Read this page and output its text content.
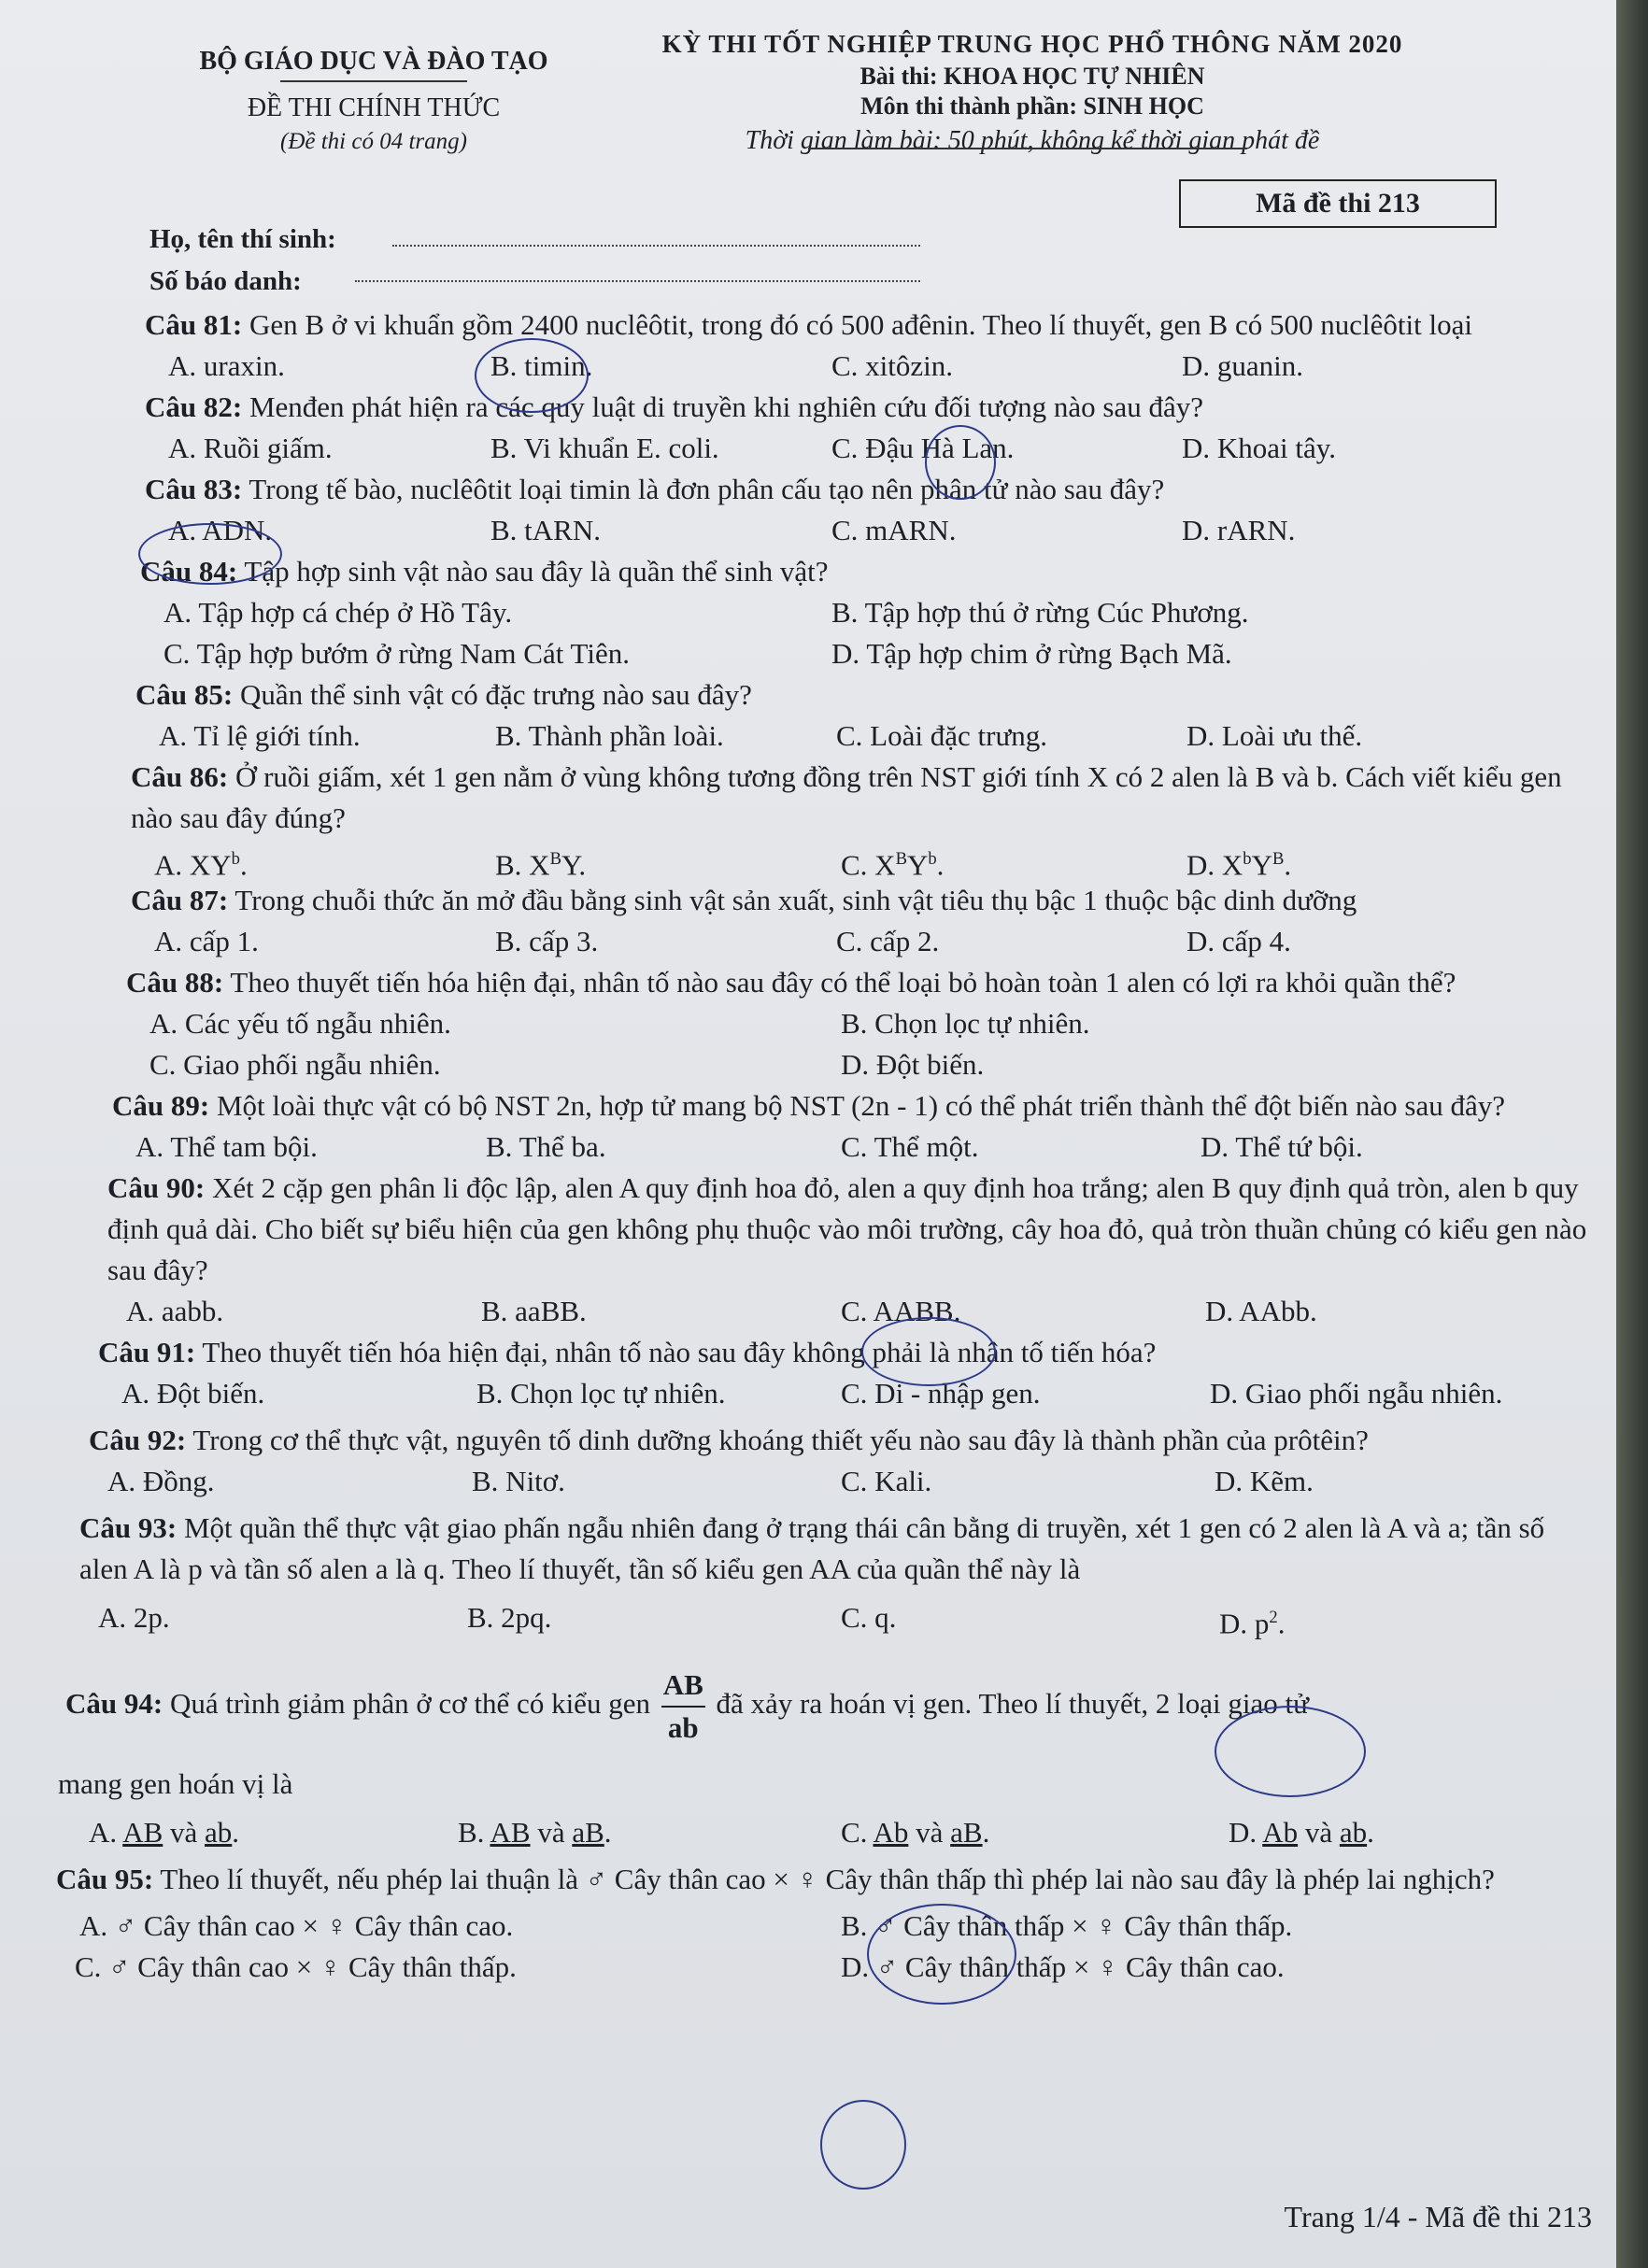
BỘ GIÁO DỤC VÀ ĐÀO TẠO
ĐỀ THI CHÍNH THỨC
(Đề thi có 04 trang)
KỲ THI TỐT NGHIỆP TRUNG HỌC PHỔ THÔNG NĂM 2020
Bài thi: KHOA HỌC TỰ NHIÊN
Môn thi thành phần: SINH HỌC
Thời gian làm bài: 50 phút, không kể thời gian phát đề
Mã đề thi 213
Họ, tên thí sinh:
Số báo danh:
Câu 81: Gen B ở vi khuẩn gồm 2400 nuclêôtit, trong đó có 500 ađênin. Theo lí thuyết, gen B có 500 nuclêôtit loại
A. uraxin.	B. timin.	C. xitôzin.	D. guanin.
Câu 82: Menđen phát hiện ra các quy luật di truyền khi nghiên cứu đối tượng nào sau đây?
A. Ruồi giấm.	B. Vi khuẩn E. coli.	C. Đậu Hà Lan.	D. Khoai tây.
Câu 83: Trong tế bào, nuclêôtit loại timin là đơn phân cấu tạo nên phân tử nào sau đây?
A. ADN.	B. tARN.	C. mARN.	D. rARN.
Câu 84: Tập hợp sinh vật nào sau đây là quần thể sinh vật?
A. Tập hợp cá chép ở Hồ Tây.	B. Tập hợp thú ở rừng Cúc Phương.
C. Tập hợp bướm ở rừng Nam Cát Tiên.	D. Tập hợp chim ở rừng Bạch Mã.
Câu 85: Quần thể sinh vật có đặc trưng nào sau đây?
A. Tỉ lệ giới tính.	B. Thành phần loài.	C. Loài đặc trưng.	D. Loài ưu thế.
Câu 86: Ở ruồi giấm, xét 1 gen nằm ở vùng không tương đồng trên NST giới tính X có 2 alen là B và b. Cách viết kiểu gen nào sau đây đúng?
A. $XY^b$.	B. $X^BY$.	C. $X^BY^b$.	D. $X^bY^B$.
Câu 87: Trong chuỗi thức ăn mở đầu bằng sinh vật sản xuất, sinh vật tiêu thụ bậc 1 thuộc bậc dinh dưỡng
A. cấp 1.	B. cấp 3.	C. cấp 2.	D. cấp 4.
Câu 88: Theo thuyết tiến hóa hiện đại, nhân tố nào sau đây có thể loại bỏ hoàn toàn 1 alen có lợi ra khỏi quần thể?
A. Các yếu tố ngẫu nhiên.	B. Chọn lọc tự nhiên.
C. Giao phối ngẫu nhiên.	D. Đột biến.
Câu 89: Một loài thực vật có bộ NST 2n, hợp tử mang bộ NST (2n - 1) có thể phát triển thành thể đột biến nào sau đây?
A. Thể tam bội.	B. Thể ba.	C. Thể một.	D. Thể tứ bội.
Câu 90: Xét 2 cặp gen phân li độc lập, alen A quy định hoa đỏ, alen a quy định hoa trắng; alen B quy định quả tròn, alen b quy định quả dài. Cho biết sự biểu hiện của gen không phụ thuộc vào môi trường, cây hoa đỏ, quả tròn thuần chủng có kiểu gen nào sau đây?
A. aabb.	B. aaBB.	C. AABB.	D. AAbb.
Câu 91: Theo thuyết tiến hóa hiện đại, nhân tố nào sau đây không phải là nhân tố tiến hóa?
A. Đột biến.	B. Chọn lọc tự nhiên.	C. Di - nhập gen.	D. Giao phối ngẫu nhiên.
Câu 92: Trong cơ thể thực vật, nguyên tố dinh dưỡng khoáng thiết yếu nào sau đây là thành phần của prôtêin?
A. Đồng.	B. Nitơ.	C. Kali.	D. Kẽm.
Câu 93: Một quần thể thực vật giao phấn ngẫu nhiên đang ở trạng thái cân bằng di truyền, xét 1 gen có 2 alen là A và a; tần số alen A là p và tần số alen a là q. Theo lí thuyết, tần số kiểu gen AA của quần thể này là
A. 2p.	B. 2pq.	C. q.	D. $p^2$.
Câu 94: Quá trình giảm phân ở cơ thể có kiểu gen $\frac{AB}{ab}$ đã xảy ra hoán vị gen. Theo lí thuyết, 2 loại giao tử
mang gen hoán vị là
A. AB và ab.	B. AB và aB.	C. Ab và aB.	D. Ab và ab.
Câu 95: Theo lí thuyết, nếu phép lai thuận là ♂ Cây thân cao × ♀ Cây thân thấp thì phép lai nào sau đây là phép lai nghịch?
A. ♂ Cây thân cao × ♀ Cây thân cao.	B. ♂ Cây thân thấp × ♀ Cây thân thấp.
C. ♂ Cây thân cao × ♀ Cây thân thấp.	D. ♂ Cây thân thấp × ♀ Cây thân cao.
Trang 1/4 - Mã đề thi 213
